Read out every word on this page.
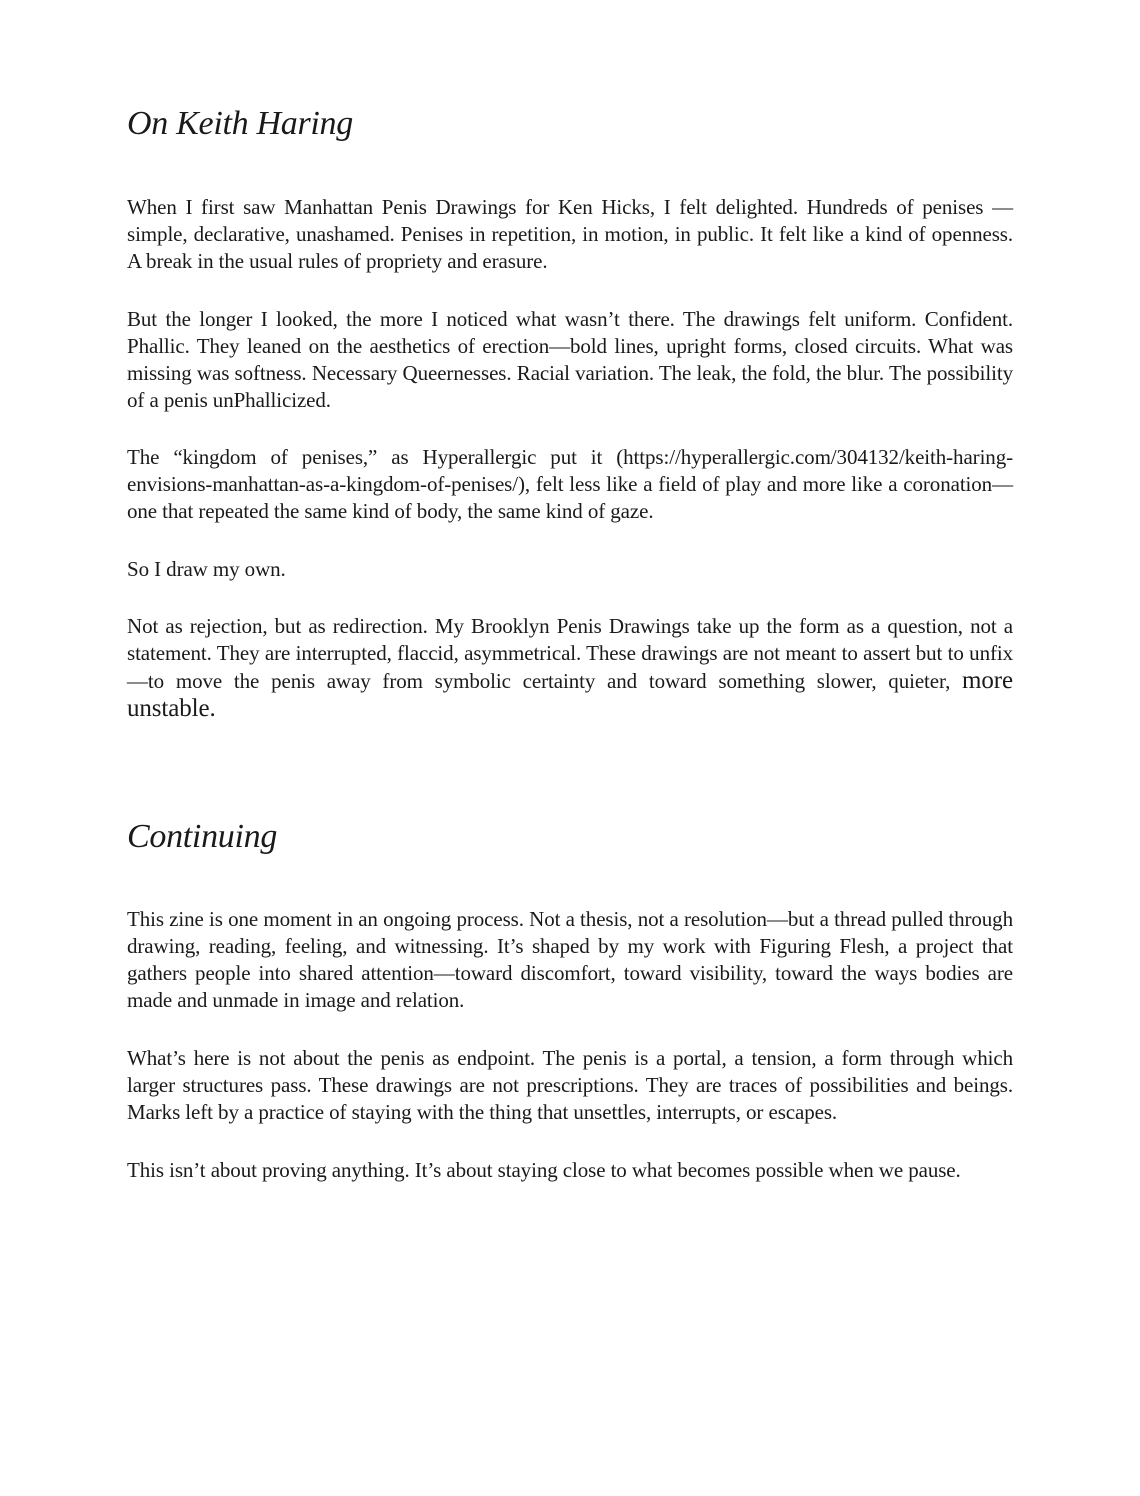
On Keith Haring

When I first saw Manhattan Penis Drawings for Ken Hicks, I felt delighted. Hundreds of penises —simple, declarative, unashamed. Penises in repetition, in motion, in public. It felt like a kind of openness. A break in the usual rules of propriety and erasure.

But the longer I looked, the more I noticed what wasn’t there. The drawings felt uniform. Confident. Phallic. They leaned on the aesthetics of erection—bold lines, upright forms, closed circuits. What was missing was softness. Necessary Queernesses. Racial variation. The leak, the fold, the blur. The possibility of a penis unPhallicized.

The “kingdom of penises,” as Hyperallergic put it (https://hyperallergic.com/304132/keith-haring-envisions-manhattan-as-a-kingdom-of-penises/), felt less like a field of play and more like a coronation—one that repeated the same kind of body, the same kind of gaze.

So I draw my own.

Not as rejection, but as redirection. My Brooklyn Penis Drawings take up the form as a question, not a statement. They are interrupted, flaccid, asymmetrical. These drawings are not meant to assert but to unfix—to move the penis away from symbolic certainty and toward something slower, quieter, more unstable.

Continuing

This zine is one moment in an ongoing process. Not a thesis, not a resolution—but a thread pulled through drawing, reading, feeling, and witnessing. It’s shaped by my work with Figuring Flesh, a project that gathers people into shared attention—toward discomfort, toward visibility, toward the ways bodies are made and unmade in image and relation.

What’s here is not about the penis as endpoint. The penis is a portal, a tension, a form through which larger structures pass. These drawings are not prescriptions. They are traces of possibilities and beings. Marks left by a practice of staying with the thing that unsettles, interrupts, or escapes.

This isn’t about proving anything. It’s about staying close to what becomes possible when we pause.
